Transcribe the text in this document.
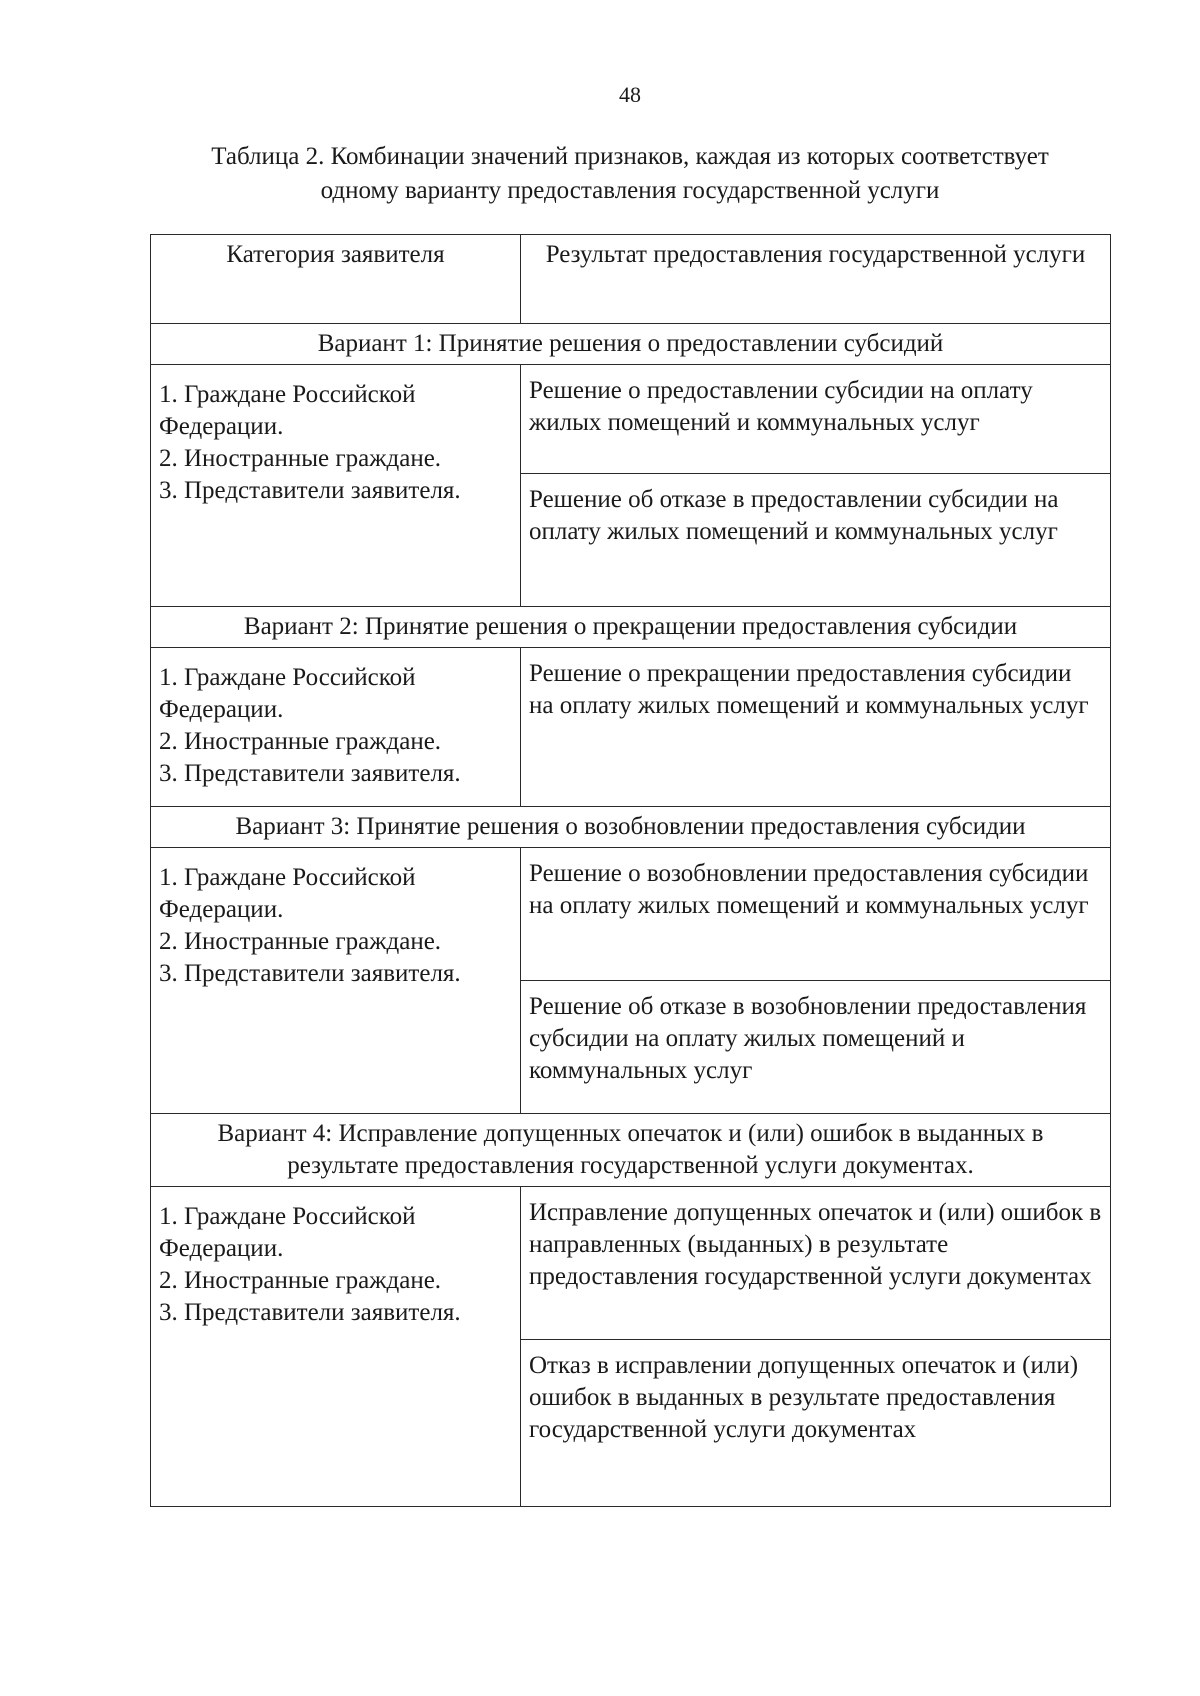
48
Таблица 2. Комбинации значений признаков, каждая из которых соответствует
одному варианту предоставления государственной услуги
Категория заявителя	Результат предоставления государственной услуги
Вариант 1: Принятие решения о предоставлении субсидий	

1. Граждане Российской
Федерации.
2. Иностранные граждане.
3. Представители заявителя.	Решение о предоставлении субсидии на оплату жилых помещений и коммунальных услуг
	Решение об отказе в предоставлении субсидии на оплату жилых помещений и коммунальных услуг
Вариант 2: Принятие решения о прекращении предоставления субсидии	

1. Граждане Российской
Федерации.
2. Иностранные граждане.
3. Представители заявителя.	Решение о прекращении предоставления субсидии на оплату жилых помещений и коммунальных услуг
Вариант 3: Принятие решения о возобновлении предоставления субсидии	

1. Граждане Российской
Федерации.
2. Иностранные граждане.
3. Представители заявителя.	Решение о возобновлении предоставления субсидии на оплату жилых помещений и коммунальных услуг
	Решение об отказе в возобновлении предоставления субсидии на оплату жилых помещений и коммунальных услуг
Вариант 4: Исправление допущенных опечаток и (или) ошибок в выданных в результате предоставления государственной услуги документах.	

1. Граждане Российской
Федерации.
2. Иностранные граждане.
3. Представители заявителя.	Исправление допущенных опечаток и (или) ошибок в направленных (выданных) в результате предоставления государственной услуги документах
	Отказ в исправлении допущенных опечаток и (или) ошибок в выданных в результате предоставления государственной услуги документах
